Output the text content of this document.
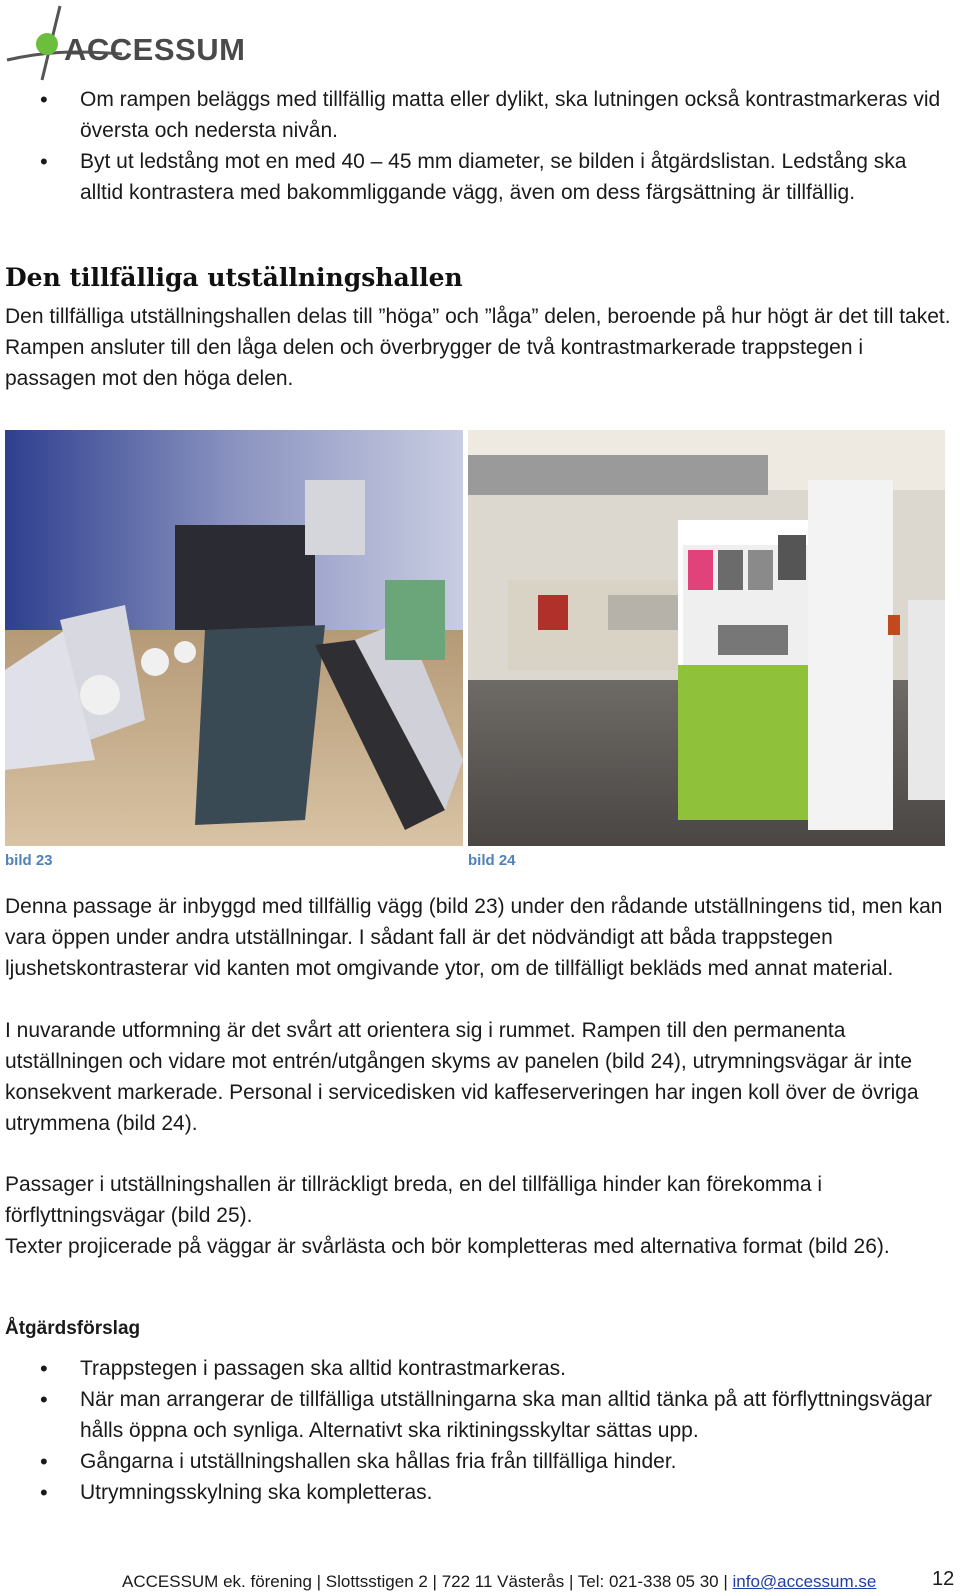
ACCESSUM
• Om rampen beläggs med tillfällig matta eller dylikt, ska lutningen också kontrastmarkeras vid översta och nedersta nivån.
• Byt ut ledstång mot en med 40 – 45 mm diameter, se bilden i åtgärdslistan. Ledstång ska alltid kontrastera med bakommliggande vägg, även om dess färgsättning är tillfällig.
Den tillfälliga utställningshallen

Den tillfälliga utställningshallen delas till ”höga” och ”låga” delen, beroende på hur högt är det till taket. Rampen ansluter till den låga delen och överbrygger de två kontrastmarkerade trappstegen i passagen mot den höga delen.

bild 23	bild 24

Denna passage är inbyggd med tillfällig vägg (bild 23) under den rådande utställningens tid, men kan vara öppen under andra utställningar. I sådant fall är det nödvändigt att båda trappstegen ljushetskontrasterar vid kanten mot omgivande ytor, om de tillfälligt bekläds med annat material.

I nuvarande utformning är det svårt att orientera sig i rummet. Rampen till den permanenta utställningen och vidare mot entrén/utgången skyms av panelen (bild 24), utrymningsvägar är inte konsekvent markerade. Personal i servicedisken vid kaffeserveringen har ingen koll över de övriga utrymmena (bild 24).

Passager i utställningshallen är tillräckligt breda, en del tillfälliga hinder kan förekomma i förflyttningsvägar (bild 25).

Texter projicerade på väggar är svårlästa och bör kompletteras med alternativa format (bild 26).

Åtgärdsförslag
• Trappstegen i passagen ska alltid kontrastmarkeras.
• När man arrangerar de tillfälliga utställningarna ska man alltid tänka på att förflyttningsvägar hålls öppna och synliga. Alternativt ska riktiningsskyltar sättas upp.
• Gångarna i utställningshallen ska hållas fria från tillfälliga hinder.
• Utrymningsskylning ska kompletteras.
ACCESSUM ek. förening | Slottsstigen 2 | 722 11 Västerås | Tel: 021-338 05 30 | info@accessum.se	12
